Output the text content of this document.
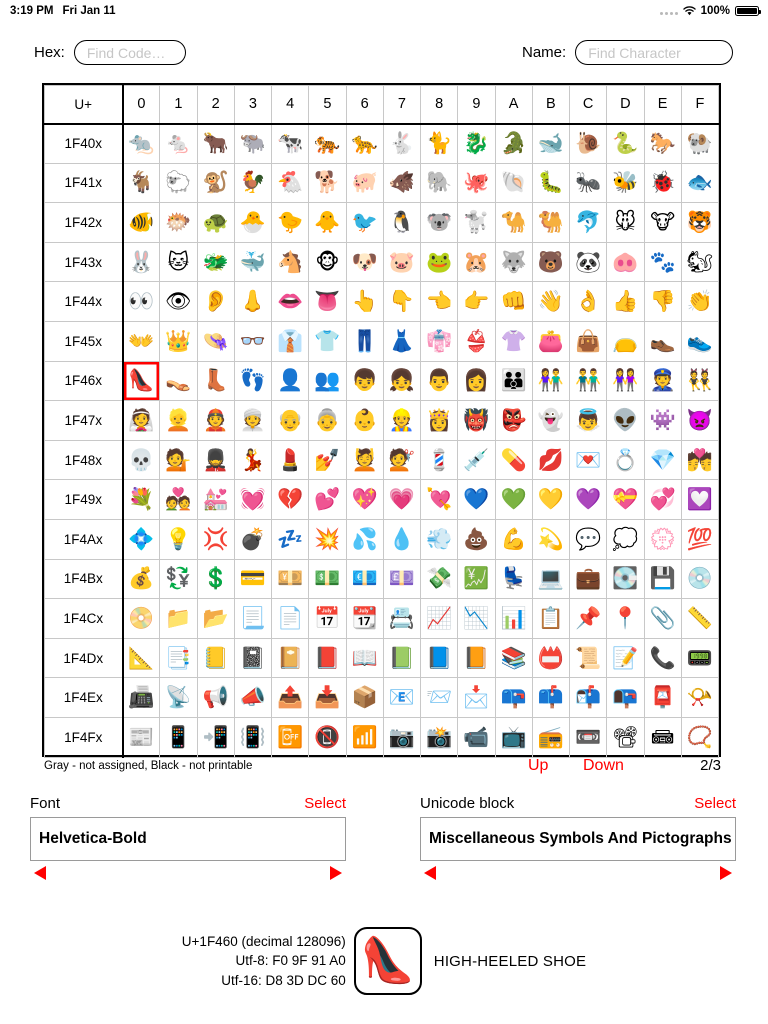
3:19 PM Fri Jan 11	100%
Hex:
Find Code…	Name:
Find Character
U+	0	1	2	3	4	5	6	7	8	9	A	B	C	D	E	F
1F40x	🐀	🐁	🐂	🐃	🐄	🐅	🐆	🐇	🐈	🐉	🐊	🐋	🐌	🐍	🐎	🐏
1F41x	🐐	🐑	🐒	🐓	🐔	🐕	🐖	🐗	🐘	🐙	🐚	🐛	🐜	🐝	🐞	🐟
1F42x	🐠	🐡	🐢	🐣	🐤	🐥	🐦	🐧	🐨	🐩	🐪	🐫	🐬	🐭	🐮	🐯
1F43x	🐰	🐱	🐲	🐳	🐴	🐵	🐶	🐷	🐸	🐹	🐺	🐻	🐼	🐽	🐾	🐿
1F44x	👀	👁	👂	👃	👄	👅	👆	👇	👈	👉	👊	👋	👌	👍	👎	👏
1F45x	👐	👑	👒	👓	👔	👕	👖	👗	👘	👙	👚	👛	👜	👝	👞	👟
1F46x	👠	👡	👢	👣	👤	👥	👦	👧	👨	👩	👪	👫	👬	👭	👮	👯
1F47x	👰	👱	👲	👳	👴	👵	👶	👷	👸	👹	👺	👻	👼	👽	👾	👿
1F48x	💀	💁	💂	💃	💄	💅	💆	💇	💈	💉	💊	💋	💌	💍	💎	💏
1F49x	💐	💑	💒	💓	💔	💕	💖	💗	💘	💙	💚	💛	💜	💝	💞	💟
1F4Ax	💠	💡	💢	💣	💤	💥	💦	💧	💨	💩	💪	💫	💬	💭	💮	💯
1F4Bx	💰	💱	💲	💳	💴	💵	💶	💷	💸	💹	💺	💻	💼	💽	💾	💿
1F4Cx	📀	📁	📂	📃	📄	📅	📆	📇	📈	📉	📊	📋	📌	📍	📎	📏
1F4Dx	📐	📑	📒	📓	📔	📕	📖	📗	📘	📙	📚	📛	📜	📝	📞	📟
1F4Ex	📠	📡	📢	📣	📤	📥	📦	📧	📨	📩	📪	📫	📬	📭	📮	📯
1F4Fx	📰	📱	📲	📳	📴	📵	📶	📷	📸	📹	📺	📻	📼	📽	📾	📿
Gray - not assigned, Black - not printable	Up Down	2/3
Font	Select
Helvetica-Bold
Unicode block	Select
Miscellaneous Symbols And Pictographs
U+1F460 (decimal 128096)
Utf-8: F0 9F 91 A0
Utf-16: D8 3D DC 60 👠	HIGH-HEELED SHOE
